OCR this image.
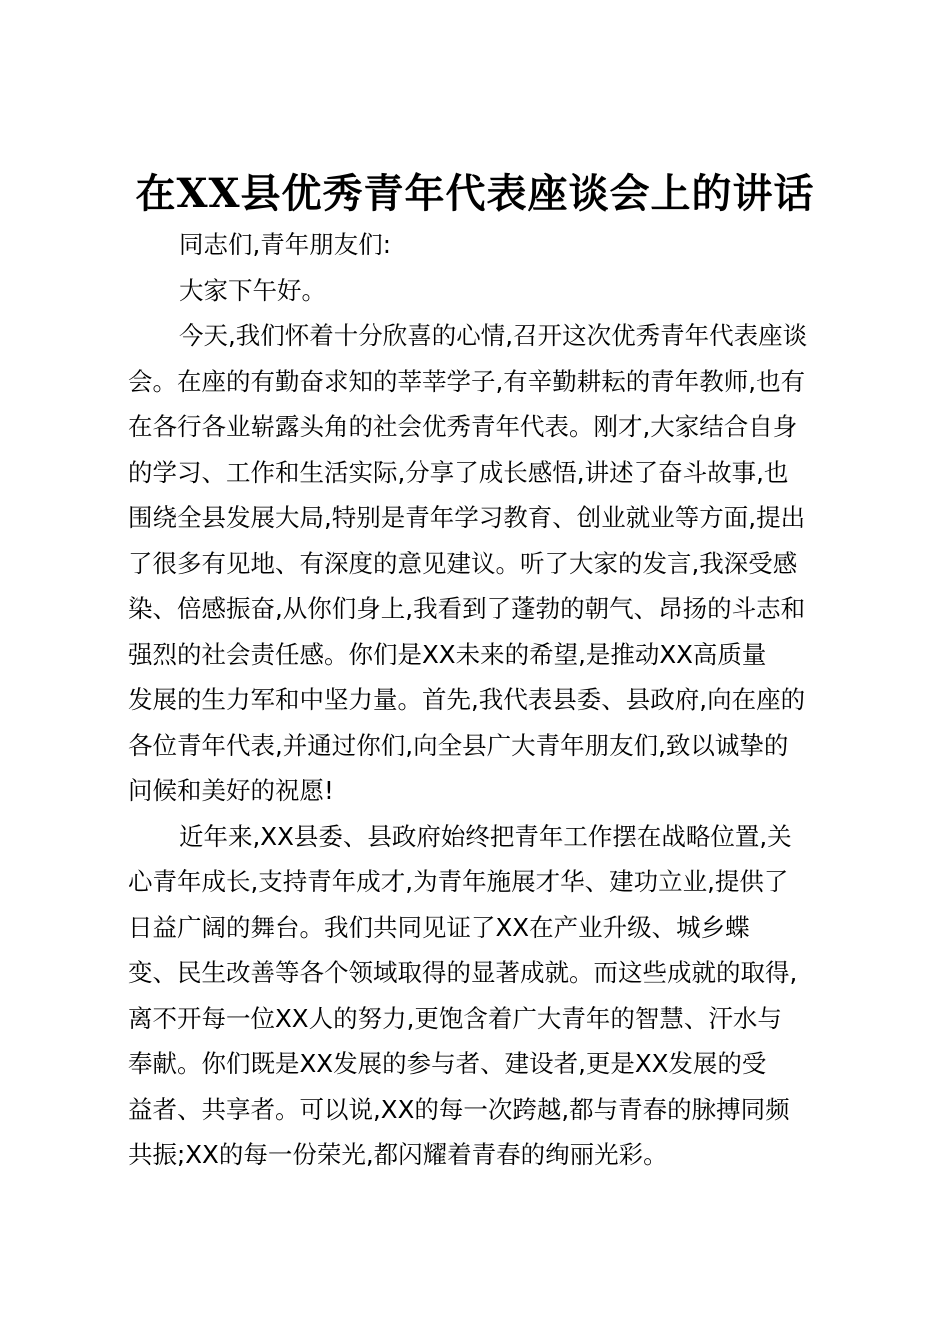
在XX县优秀青年代表座谈会上的讲话

同志们,青年朋友们:

大家下午好。

今天,我们怀着十分欣喜的心情,召开这次优秀青年代表座谈
会。在座的有勤奋求知的莘莘学子,有辛勤耕耘的青年教师,也有
在各行各业崭露头角的社会优秀青年代表。刚才,大家结合自身
的学习、工作和生活实际,分享了成长感悟,讲述了奋斗故事,也
围绕全县发展大局,特别是青年学习教育、创业就业等方面,提出
了很多有见地、有深度的意见建议。听了大家的发言,我深受感
染、倍感振奋,从你们身上,我看到了蓬勃的朝气、昂扬的斗志和
强烈的社会责任感。你们是XX未来的希望,是推动XX高质量
发展的生力军和中坚力量。首先,我代表县委、县政府,向在座的
各位青年代表,并通过你们,向全县广大青年朋友们,致以诚挚的
问候和美好的祝愿!

近年来,XX县委、县政府始终把青年工作摆在战略位置,关
心青年成长,支持青年成才,为青年施展才华、建功立业,提供了
日益广阔的舞台。我们共同见证了XX在产业升级、城乡蝶
变、民生改善等各个领域取得的显著成就。而这些成就的取得,
离不开每一位XX人的努力,更饱含着广大青年的智慧、汗水与
奉献。你们既是XX发展的参与者、建设者,更是XX发展的受
益者、共享者。可以说,XX的每一次跨越,都与青春的脉搏同频
共振;XX的每一份荣光,都闪耀着青春的绚丽光彩。
